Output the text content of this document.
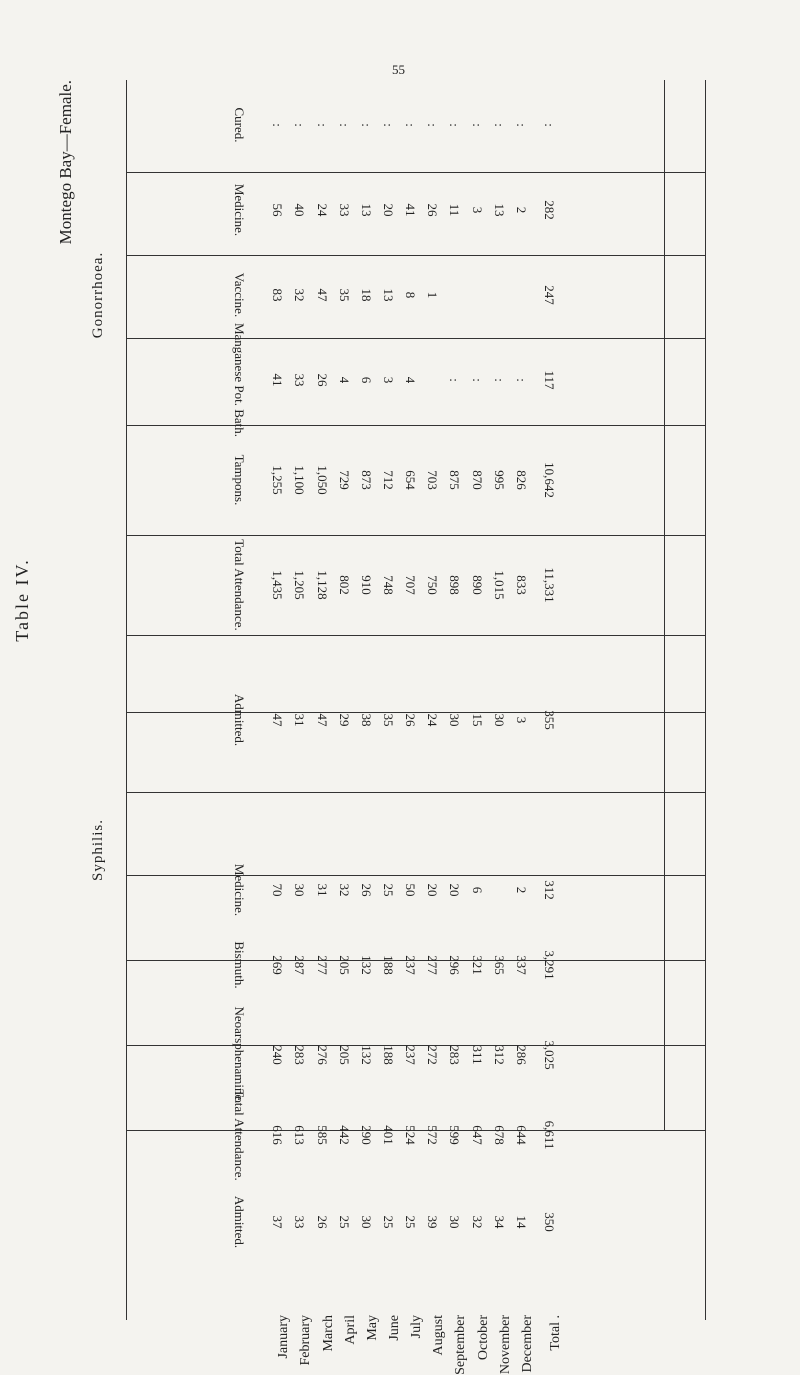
55
Montego Bay—Female.
Table IV.
Gonorrhoea.
Syphilis.
Cured.
Medicine.
Vaccine.
Manganese Pot. Bath.
Tampons.
Total Attendance.
Admitted.
Medicine.
Bismuth.
Neoarsphenamine.
Total Attendance.
Admitted.
:
56
83
41
1,255
1,435
47
70
269
240
616
37
:
40
32
33
1,100
1,205
31
30
287
283
613
33
:
24
47
26
1,050
1,128
47
31
277
276
585
26
:
33
35
4
729
802
29
32
205
205
442
25
:
13
18
6
873
910
38
26
132
132
290
30
:
20
13
3
712
748
35
25
188
188
401
25
:
41
8
4
654
707
26
50
237
237
524
25
:
26
1
703
750
24
20
277
272
572
39
:
11
:
875
898
30
20
296
283
599
30
:
3
:
870
890
15
6
321
311
647
32
:
13
:
995
1,015
30
365
312
678
34
:
2
:
826
833
3
2
337
286
644
14
:
282
247
117
10,642
11,331
355
312
3,291
3,025
6,611
350
January February March April May June July August September October November December Total .
